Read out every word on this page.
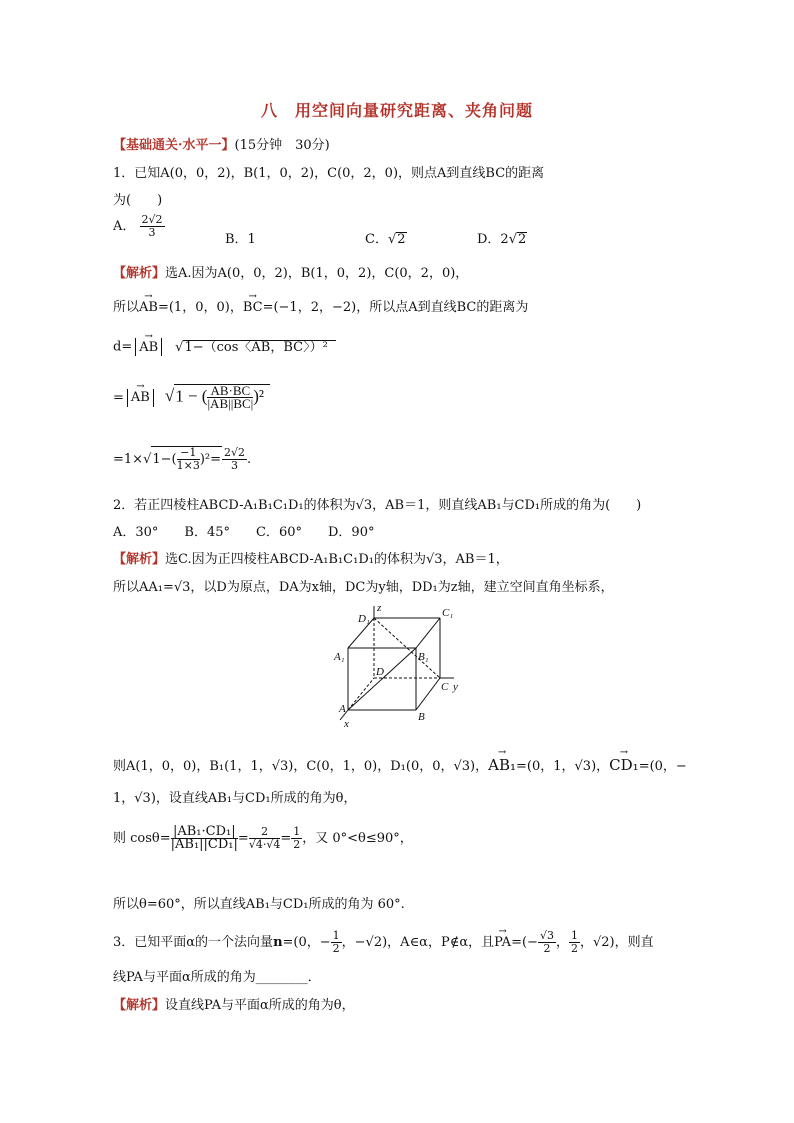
八　用空间向量研究距离、夹角问题
【基础通关·水平一】(15分钟　30分)
1．已知A(0，0，2)，B(1，0，2)，C(0，2，0)，则点A到直线BC的距离
为(　　)
A． $\frac{2√2}{3}$
B．1	C．√2	D．2√2
【解析】选A.因为A(0，0，2)，B(1，0，2)，C(0，2，0)，
所以→ AB=(1，0，0)，→ BC=(−1，2，−2)，所以点A到直线BC的距离为
d= → AB √1−（cos〈AB，BC〉）²
= → AB √1 − ( $\frac{AB\cdot BC}{|AB||BC|} )^2$
$=1\times√1-( \frac{-1}{1\times 3} )^2= \frac{2√2}{3}$ .
2．若正四棱柱ABCD-A₁B₁C₁D₁的体积为√3，AB＝1，则直线AB₁与CD₁所成的角为(　　)
A．30°　　B．45°　　C．60°　　D．90°
【解析】选C.因为正四棱柱ABCD-A₁B₁C₁D₁的体积为√3，AB＝1，
所以AA₁=√3，以D为原点，DA为x轴，DC为y轴，DD₁为z轴，建立空间直角坐标系，
z	C₁
D₁
A₁	B₁
D
C y
A
B
x
则A(1，0，0)，B₁(1，1，√3)，C(0，1，0)，D₁(0，0，√3)，→ AB₁=(0，1，√3)，→ CD₁=(0，−
1，√3)，设直线AB₁与CD₁所成的角为θ，
则 $\cos\theta= \frac{\text{|AB₁·CD₁|}}{\text{|AB₁||CD₁|}} = \frac{2}{√4\cdot√4} = \frac{1}{2}$ ，又 0°<θ≤90°，
所以θ=60°，所以直线AB₁与CD₁所成的角为 60°.
3．已知平面α的一个法向量n=(0，− $\frac{1}{2}$ ，−√2)，A∈α，P∉α，且→ $PA=(- \frac{√3}{2}$ ， $\frac{1}{2}$ ，√2)，则直
线PA与平面α所成的角为________．
【解析】设直线PA与平面α所成的角为θ，
